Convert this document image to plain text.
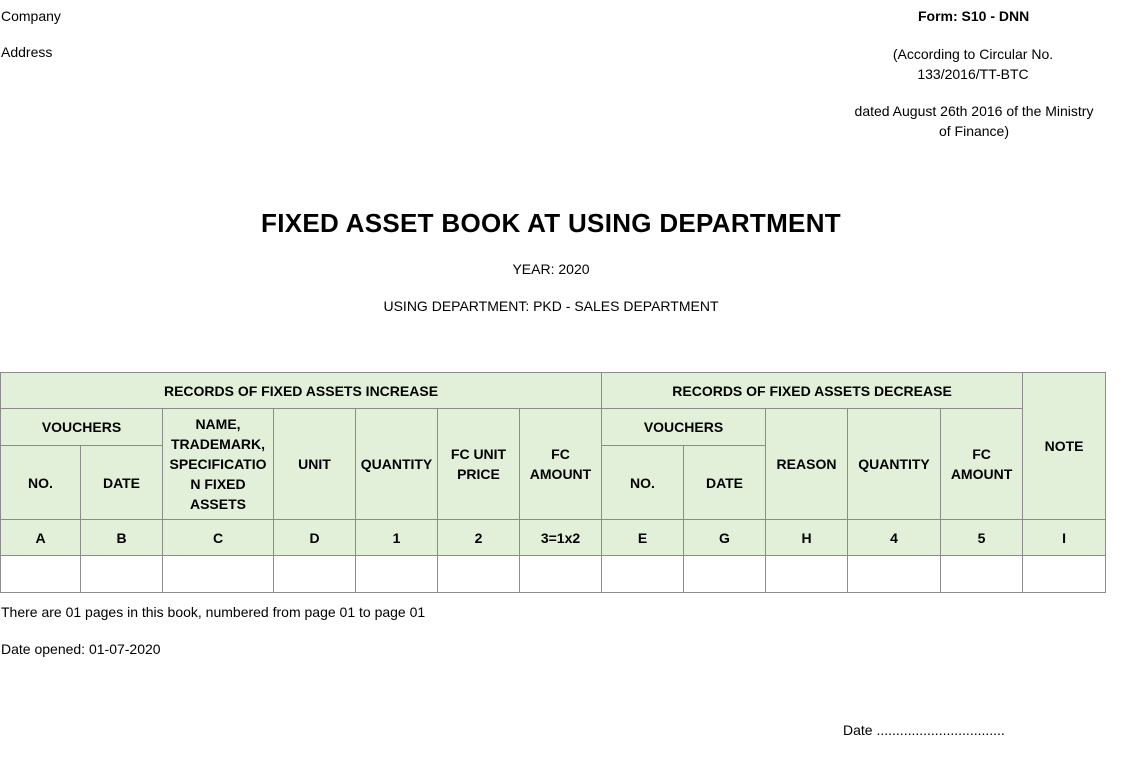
Company
Address
Form: S10 - DNN
(According to Circular No. 133/2016/TT-BTC
dated August 26th 2016 of the Ministry of Finance)
FIXED ASSET BOOK AT USING DEPARTMENT
YEAR: 2020
USING DEPARTMENT: PKD - SALES DEPARTMENT
RECORDS OF FIXED ASSETS INCREASE							RECORDS OF FIXED ASSETS DECREASE					NOTE
VOUCHERS		NAME, TRADEMARK, SPECIFICATIO N FIXED ASSETS	UNIT	QUANTITY	FC UNIT PRICE	FC AMOUNT	VOUCHERS		REASON	QUANTITY	FC AMOUNT	
NO.	DATE						NO.	DATE				
A	B	C	D	1	2	3=1x2	E	G	H	4	5	I

There are 01 pages in this book, numbered from page 01 to page 01
Date opened: 01-07-2020
Date .................................
